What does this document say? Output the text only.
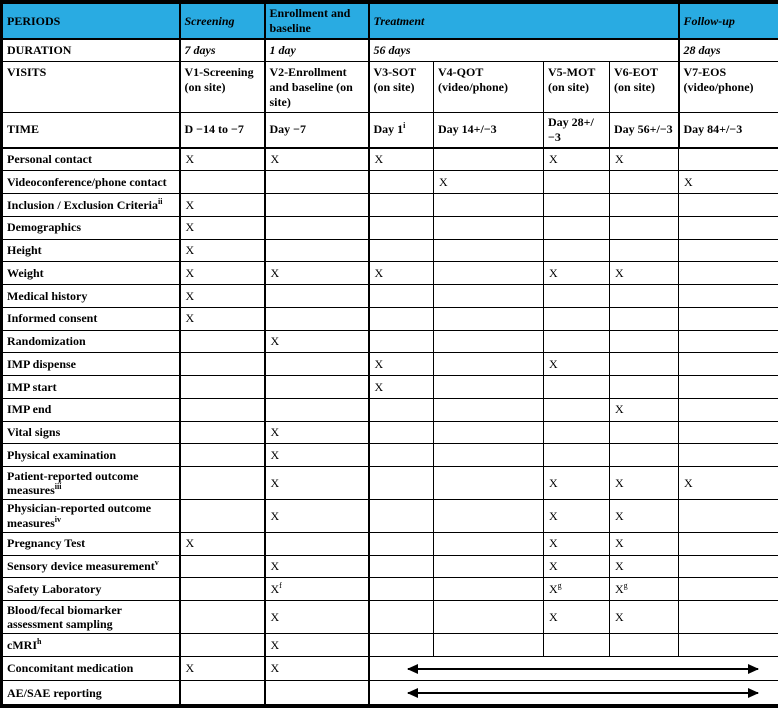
PERIODS	Screening	Enrollment and baseline	Treatment				Follow-up
DURATION	7 days	1 day	56 days				28 days
VISITS	V1-Screening (on site)	V2-Enrollment and baseline (on site)	V3-SOT (on site)	V4-QOT (video/phone)	V5-MOT (on site)	V6-EOT (on site)	V7-EOS (video/phone)
TIME	D −14 to −7	Day −7	Day 1$^i$	Day 14+/−3	Day 28+/−3	Day 56+/−3	Day 84+/−3
Personal contact	X	X	X		X	X	
Videoconference/phone contact				X			X
Inclusion / Exclusion Criteria$^{ii}$	X						
Demographics	X						
Height	X						
Weight	X	X	X		X	X	
Medical history	X						
Informed consent	X						
Randomization		X					
IMP dispense			X		X		
IMP start			X				
IMP end						X	
Vital signs		X					
Physical examination		X					
Patient-reported outcome measures$^{iii}$		X			X	X	X
Physician-reported outcome measures$^{iv}$		X			X	X	
Pregnancy Test	X				X	X	
Sensory device measurement$^v$		X			X	X	
Safety Laboratory		$X^f$			$X^g$	$X^g$	
Blood/fecal biomarker assessment sampling		X			X	X	
cMRI$^h$		X					
Concomitant medication	X	X					

AE/SAE reporting							
